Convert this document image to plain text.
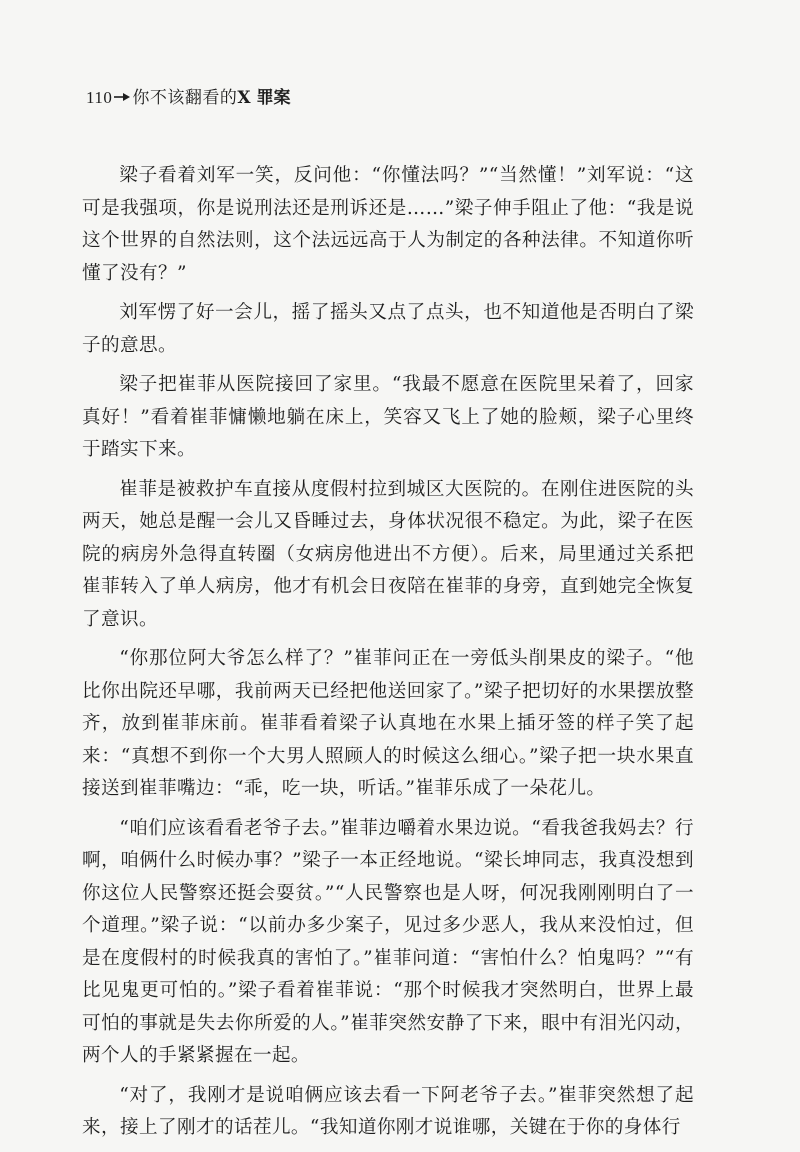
110 你不该翻看的X 罪案

梁子看着刘军一笑，反问他：“你懂法吗？”“当然懂！”刘军说：“这可是我强项，你是说刑法还是刑诉还是……”梁子伸手阻止了他：“我是说这个世界的自然法则，这个法远远高于人为制定的各种法律。不知道你听懂了没有？”

刘军愣了好一会儿，摇了摇头又点了点头，也不知道他是否明白了梁子的意思。

梁子把崔菲从医院接回了家里。“我最不愿意在医院里呆着了，回家真好！”看着崔菲慵懒地躺在床上，笑容又飞上了她的脸颊，梁子心里终于踏实下来。

崔菲是被救护车直接从度假村拉到城区大医院的。在刚住进医院的头两天，她总是醒一会儿又昏睡过去，身体状况很不稳定。为此，梁子在医院的病房外急得直转圈（女病房他进出不方便）。后来，局里通过关系把崔菲转入了单人病房，他才有机会日夜陪在崔菲的身旁，直到她完全恢复了意识。

“你那位阿大爷怎么样了？”崔菲问正在一旁低头削果皮的梁子。“他比你出院还早哪，我前两天已经把他送回家了。”梁子把切好的水果摆放整齐，放到崔菲床前。崔菲看着梁子认真地在水果上插牙签的样子笑了起来：“真想不到你一个大男人照顾人的时候这么细心。”梁子把一块水果直接送到崔菲嘴边：“乖，吃一块，听话。”崔菲乐成了一朵花儿。

“咱们应该看看老爷子去。”崔菲边嚼着水果边说。“看我爸我妈去？行啊，咱俩什么时候办事？”梁子一本正经地说。“梁长坤同志，我真没想到你这位人民警察还挺会耍贫。”“人民警察也是人呀，何况我刚刚明白了一个道理。”梁子说：“以前办多少案子，见过多少恶人，我从来没怕过，但是在度假村的时候我真的害怕了。”崔菲问道：“害怕什么？怕鬼吗？”“有比见鬼更可怕的。”梁子看着崔菲说：“那个时候我才突然明白，世界上最可怕的事就是失去你所爱的人。”崔菲突然安静了下来，眼中有泪光闪动，两个人的手紧紧握在一起。

“对了，我刚才是说咱俩应该去看一下阿老爷子去。”崔菲突然想了起来，接上了刚才的话茬儿。“我知道你刚才说谁哪，关键在于你的身体行
